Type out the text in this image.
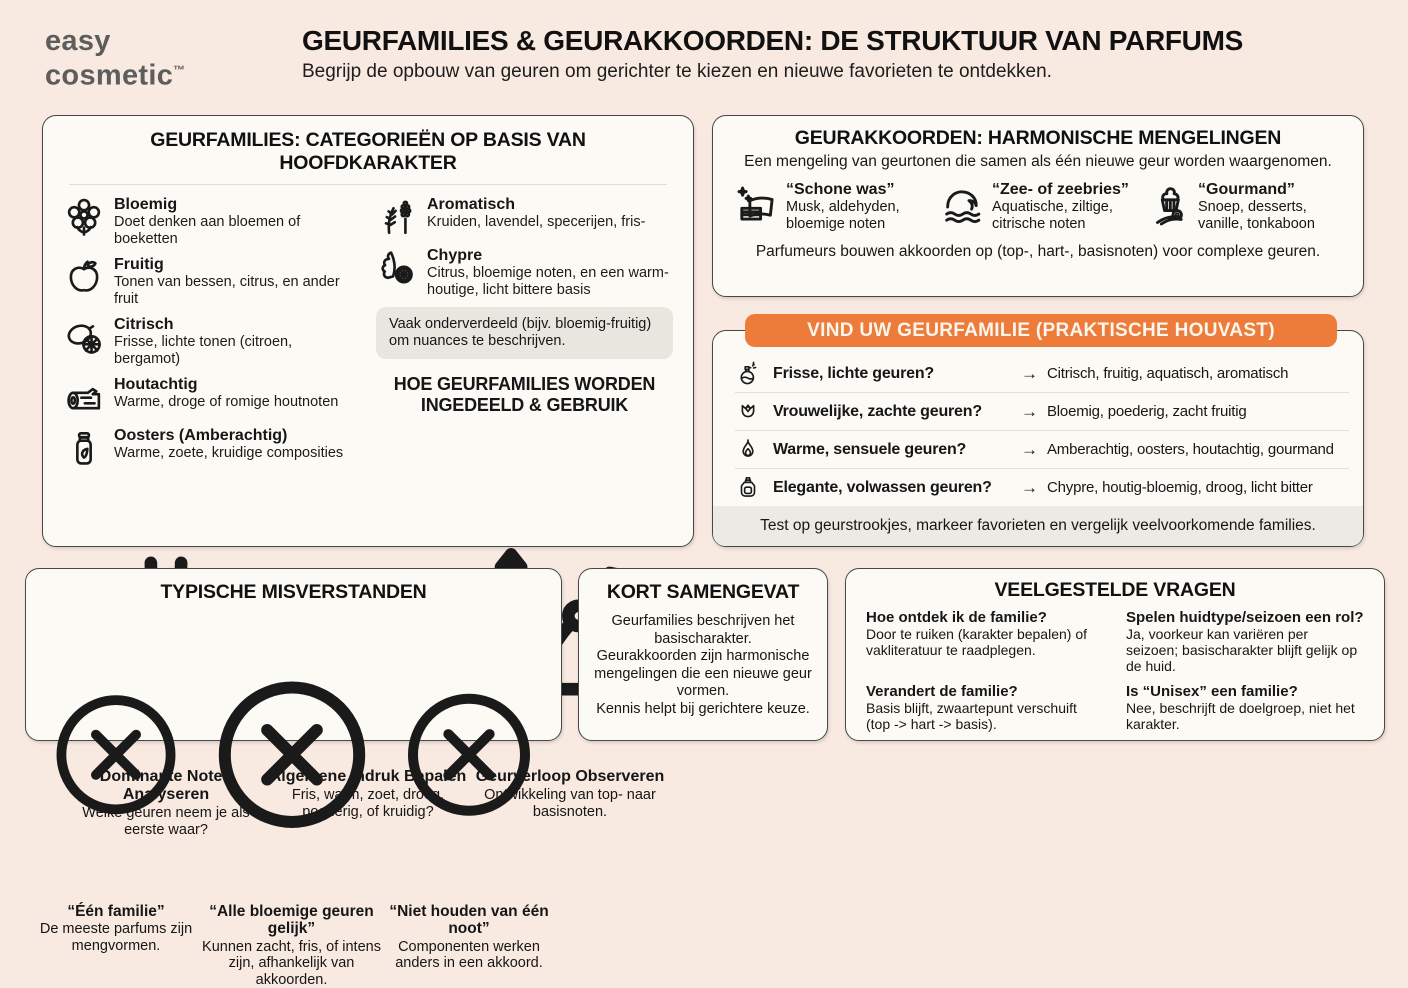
easy
cosmetic™
GEURFAMILIES & GEURAKKOORDEN: DE STRUKTUUR VAN PARFUMS
Begrijp de opbouw van geuren om gerichter te kiezen en nieuwe favorieten te ontdekken.
GEURFAMILIES: CATEGORIEËN OP BASIS VAN HOOFDKARAKTER
Bloemig
Doet denken aan bloemen of boeketten
Fruitig
Tonen van bessen, citrus, en ander fruit
Citrisch
Frisse, lichte tonen (citroen, bergamot)
Houtachtig
Warme, droge of romige houtnoten
Oosters (Amberachtig)
Warme, zoete, kruidige composities
Aromatisch
Kruiden, lavendel, specerijen, fris-
Chypre
Citrus, bloemige noten, en een warm-houtige, licht bittere basis
Vaak onderverdeeld (bijv. bloemig-fruitig) om nuances te beschrijven.
HOE GEURFAMILIES WORDEN INGEDEELD & GEBRUIK
Dominante Noten Analyseren
Welke geuren neem je als eerste waar?
Algemene Indruk Bepalen
Fris, warm, zoet, droog, poederig, of kruidig?
Geurverloop Observeren
Ontwikkeling van top- naar basisnoten.
GEURAKKOORDEN: HARMONISCHE MENGELINGEN
Een mengeling van geurtonen die samen als één nieuwe geur worden waargenomen.
“Schone was”
Musk, aldehyden, bloemige noten
“Zee- of zeebries”
Aquatische, ziltige, citrische noten
“Gourmand”
Snoep, desserts, vanille, tonkaboon
Parfumeurs bouwen akkoorden op (top-, hart-, basisnoten) voor complexe geuren.
VIND UW GEURFAMILIE (PRAKTISCHE HOUVAST)
Frisse, lichte geuren?	→ Citrisch, fruitig, aquatisch, aromatisch
Vrouwelijke, zachte geuren?	→ Bloemig, poederig, zacht fruitig
Warme, sensuele geuren?	→ Amberachtig, oosters, houtachtig, gourmand
Elegante, volwassen geuren?	→ Chypre, houtig-bloemig, droog, licht bitter
Test op geurstrookjes, markeer favorieten en vergelijk veelvoorkomende families.
TYPISCHE MISVERSTANDEN
“Één familie”
De meeste parfums zijn mengvormen.
“Alle bloemige geuren gelijk”
Kunnen zacht, fris, of intens zijn, afhankelijk van akkoorden.
“Niet houden van één noot”
Componenten werken anders in een akkoord.
KORT SAMENGEVAT
Geurfamilies beschrijven het basischarakter.
Geurakkoorden zijn harmonische mengelingen die een nieuwe geur vormen.
Kennis helpt bij gerichtere keuze.
VEELGESTELDE VRAGEN
Hoe ontdek ik de familie?
Door te ruiken (karakter bepalen) of vakliteratuur te raadplegen.
Spelen huidtype/seizoen een rol?
Ja, voorkeur kan variëren per seizoen; basischarakter blijft gelijk op de huid.
Verandert de familie?
Basis blijft, zwaartepunt verschuift (top -> hart -> basis).
Is “Unisex” een familie?
Nee, beschrijft de doelgroep, niet het karakter.
